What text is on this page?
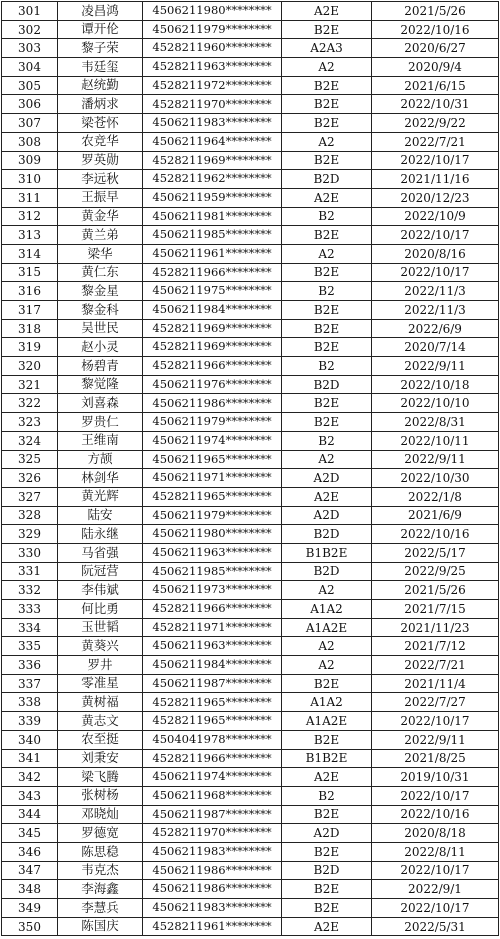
301	凌昌鸿	4506211980********	A2E	2021/5/26
302	谭开伦	4506211979********	B2E	2022/10/16
303	黎子荣	4528211960********	A2A3	2020/6/27
304	韦廷玺	4528211963********	A2	2020/9/4
305	赵统勤	4528211972********	B2E	2021/6/15
306	潘炳求	4528211970********	B2E	2022/10/31
307	梁苍怀	4506211983********	B2E	2022/9/22
308	农竞华	4506211964********	A2	2022/7/21
309	罗英勋	4528211969********	B2E	2022/10/17
310	李远秋	4528211962********	B2D	2021/11/16
311	王振早	4506211959********	A2E	2020/12/23
312	黄金华	4506211981********	B2	2022/10/9
313	黄兰弟	4506211985********	B2E	2022/10/17
314	梁华	4506211961********	A2	2020/8/16
315	黄仁东	4528211966********	B2E	2022/10/17
316	黎金星	4506211975********	B2	2022/11/3
317	黎金科	4506211984********	B2E	2022/11/3
318	吴世民	4528211969********	B2E	2022/6/9
319	赵小灵	4528211969********	B2E	2020/7/14
320	杨碧青	4528211966********	B2	2022/9/11
321	黎觉隆	4506211976********	B2D	2022/10/18
322	刘喜森	4506211986********	B2E	2022/10/10
323	罗贵仁	4506211979********	B2E	2022/8/31
324	王维南	4506211974********	B2	2022/10/11
325	方颉	4506211965********	A2	2022/9/11
326	林剑华	4506211971********	A2D	2022/10/30
327	黄光辉	4528211965********	A2E	2022/1/8
328	陆安	4506211979********	A2D	2021/6/9
329	陆永继	4506211980********	B2D	2022/10/16
330	马省强	4506211963********	B1B2E	2022/5/17
331	阮冠营	4506211985********	B2D	2022/9/25
332	李伟斌	4506211973********	A2	2021/5/26
333	何比勇	4528211966********	A1A2	2021/7/15
334	玉世韬	4528211971********	A1A2E	2021/11/23
335	黄葵兴	4506211963********	A2	2021/7/12
336	罗井	4506211984********	A2	2022/7/21
337	零准星	4506211987********	B2E	2021/11/4
338	黄树福	4528211965********	A1A2	2022/7/27
339	黄志文	4528211965********	A1A2E	2022/10/17
340	农至挺	4504041978********	B2E	2022/9/11
341	刘秉安	4528211966********	B1B2E	2021/8/25
342	梁飞腾	4506211974********	A2E	2019/10/31
343	张树杨	4506211968********	B2	2022/10/17
344	邓晓灿	4506211987********	B2E	2022/10/16
345	罗德宽	4528211970********	A2D	2020/8/18
346	陈思稳	4506211983********	B2E	2022/8/11
347	韦克杰	4506211986********	B2D	2022/10/17
348	李海鑫	4506211986********	B2E	2022/9/1
349	李慧兵	4506211983********	B2E	2022/10/17
350	陈国庆	4528211961********	A2E	2022/5/31
